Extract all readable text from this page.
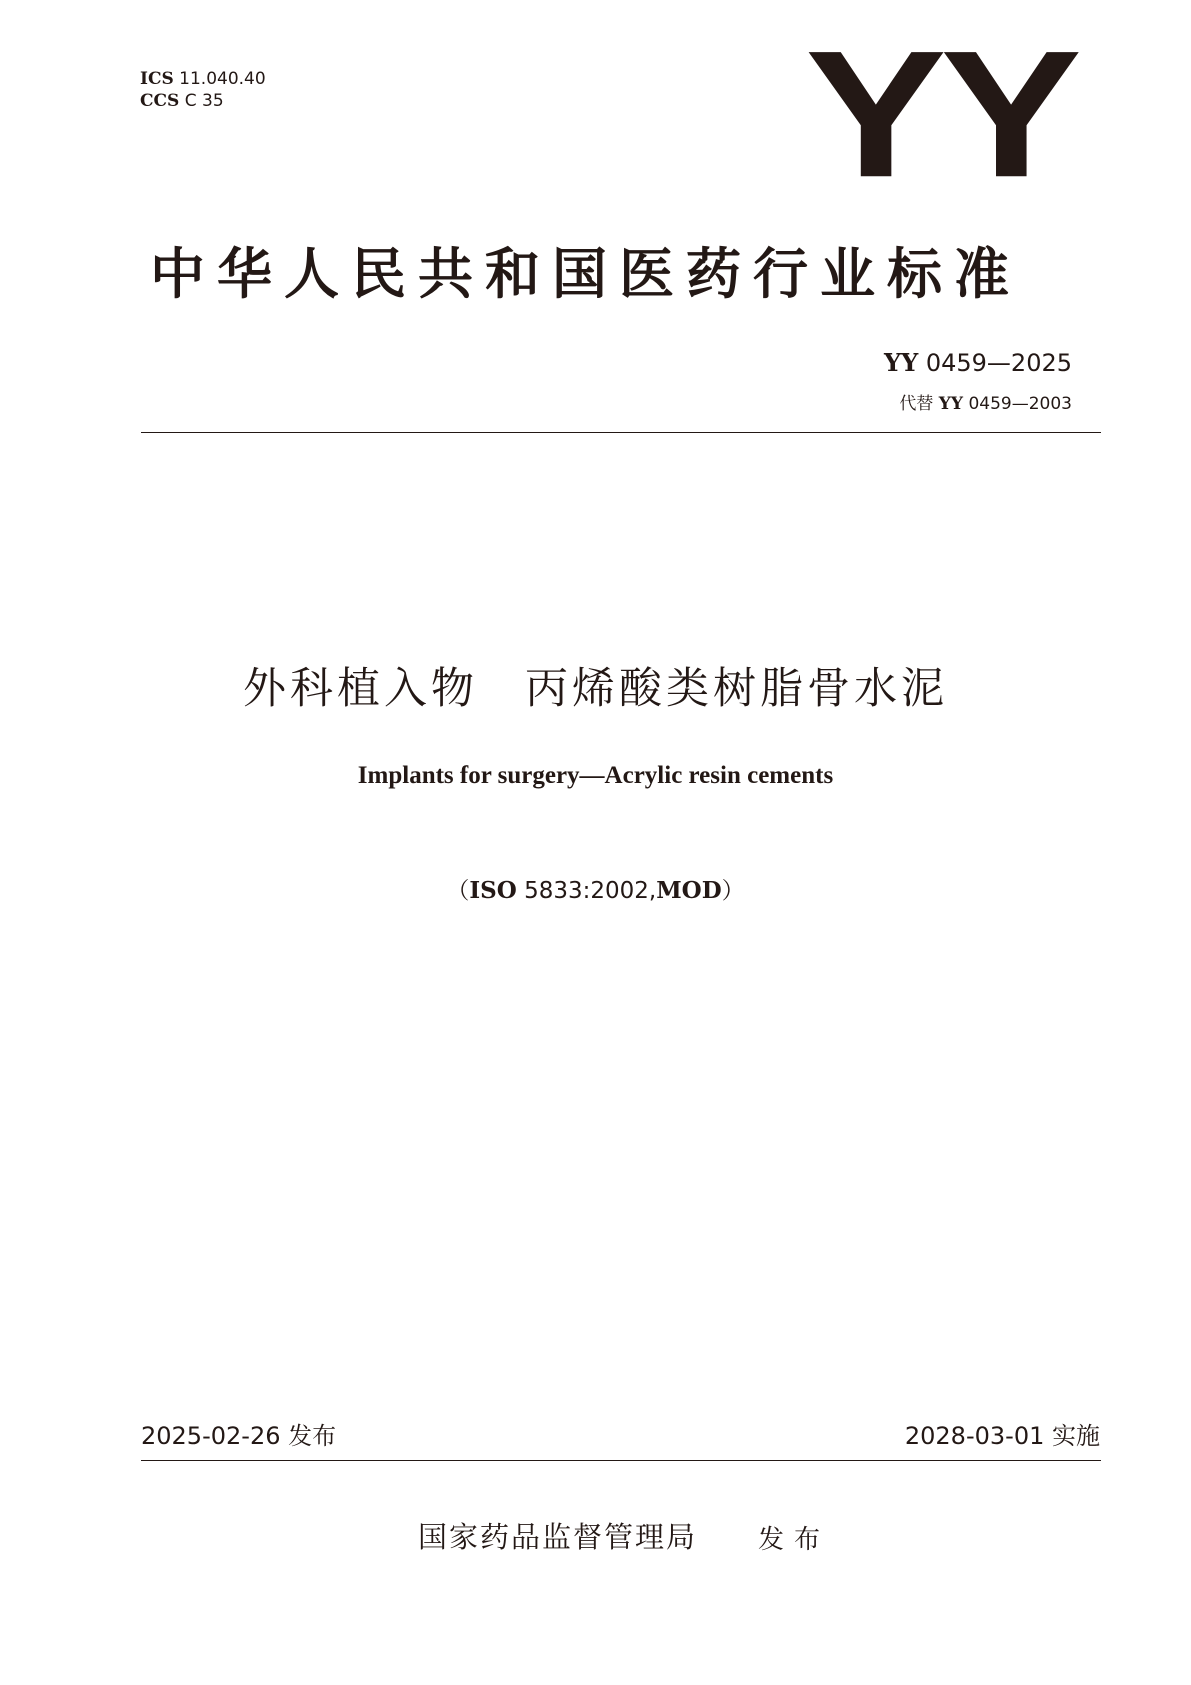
ICS 11.040.40
CCS C 35	YY
中华人民共和国医药行业标准
YY 0459—2025
代替 YY 0459—2003
外科植入物　丙烯酸类树脂骨水泥
Implants for surgery—Acrylic resin cements
（ISO 5833:2002,MOD）
2025-02-26 发布	2028-03-01 实施
国家药品监督管理局 发布
